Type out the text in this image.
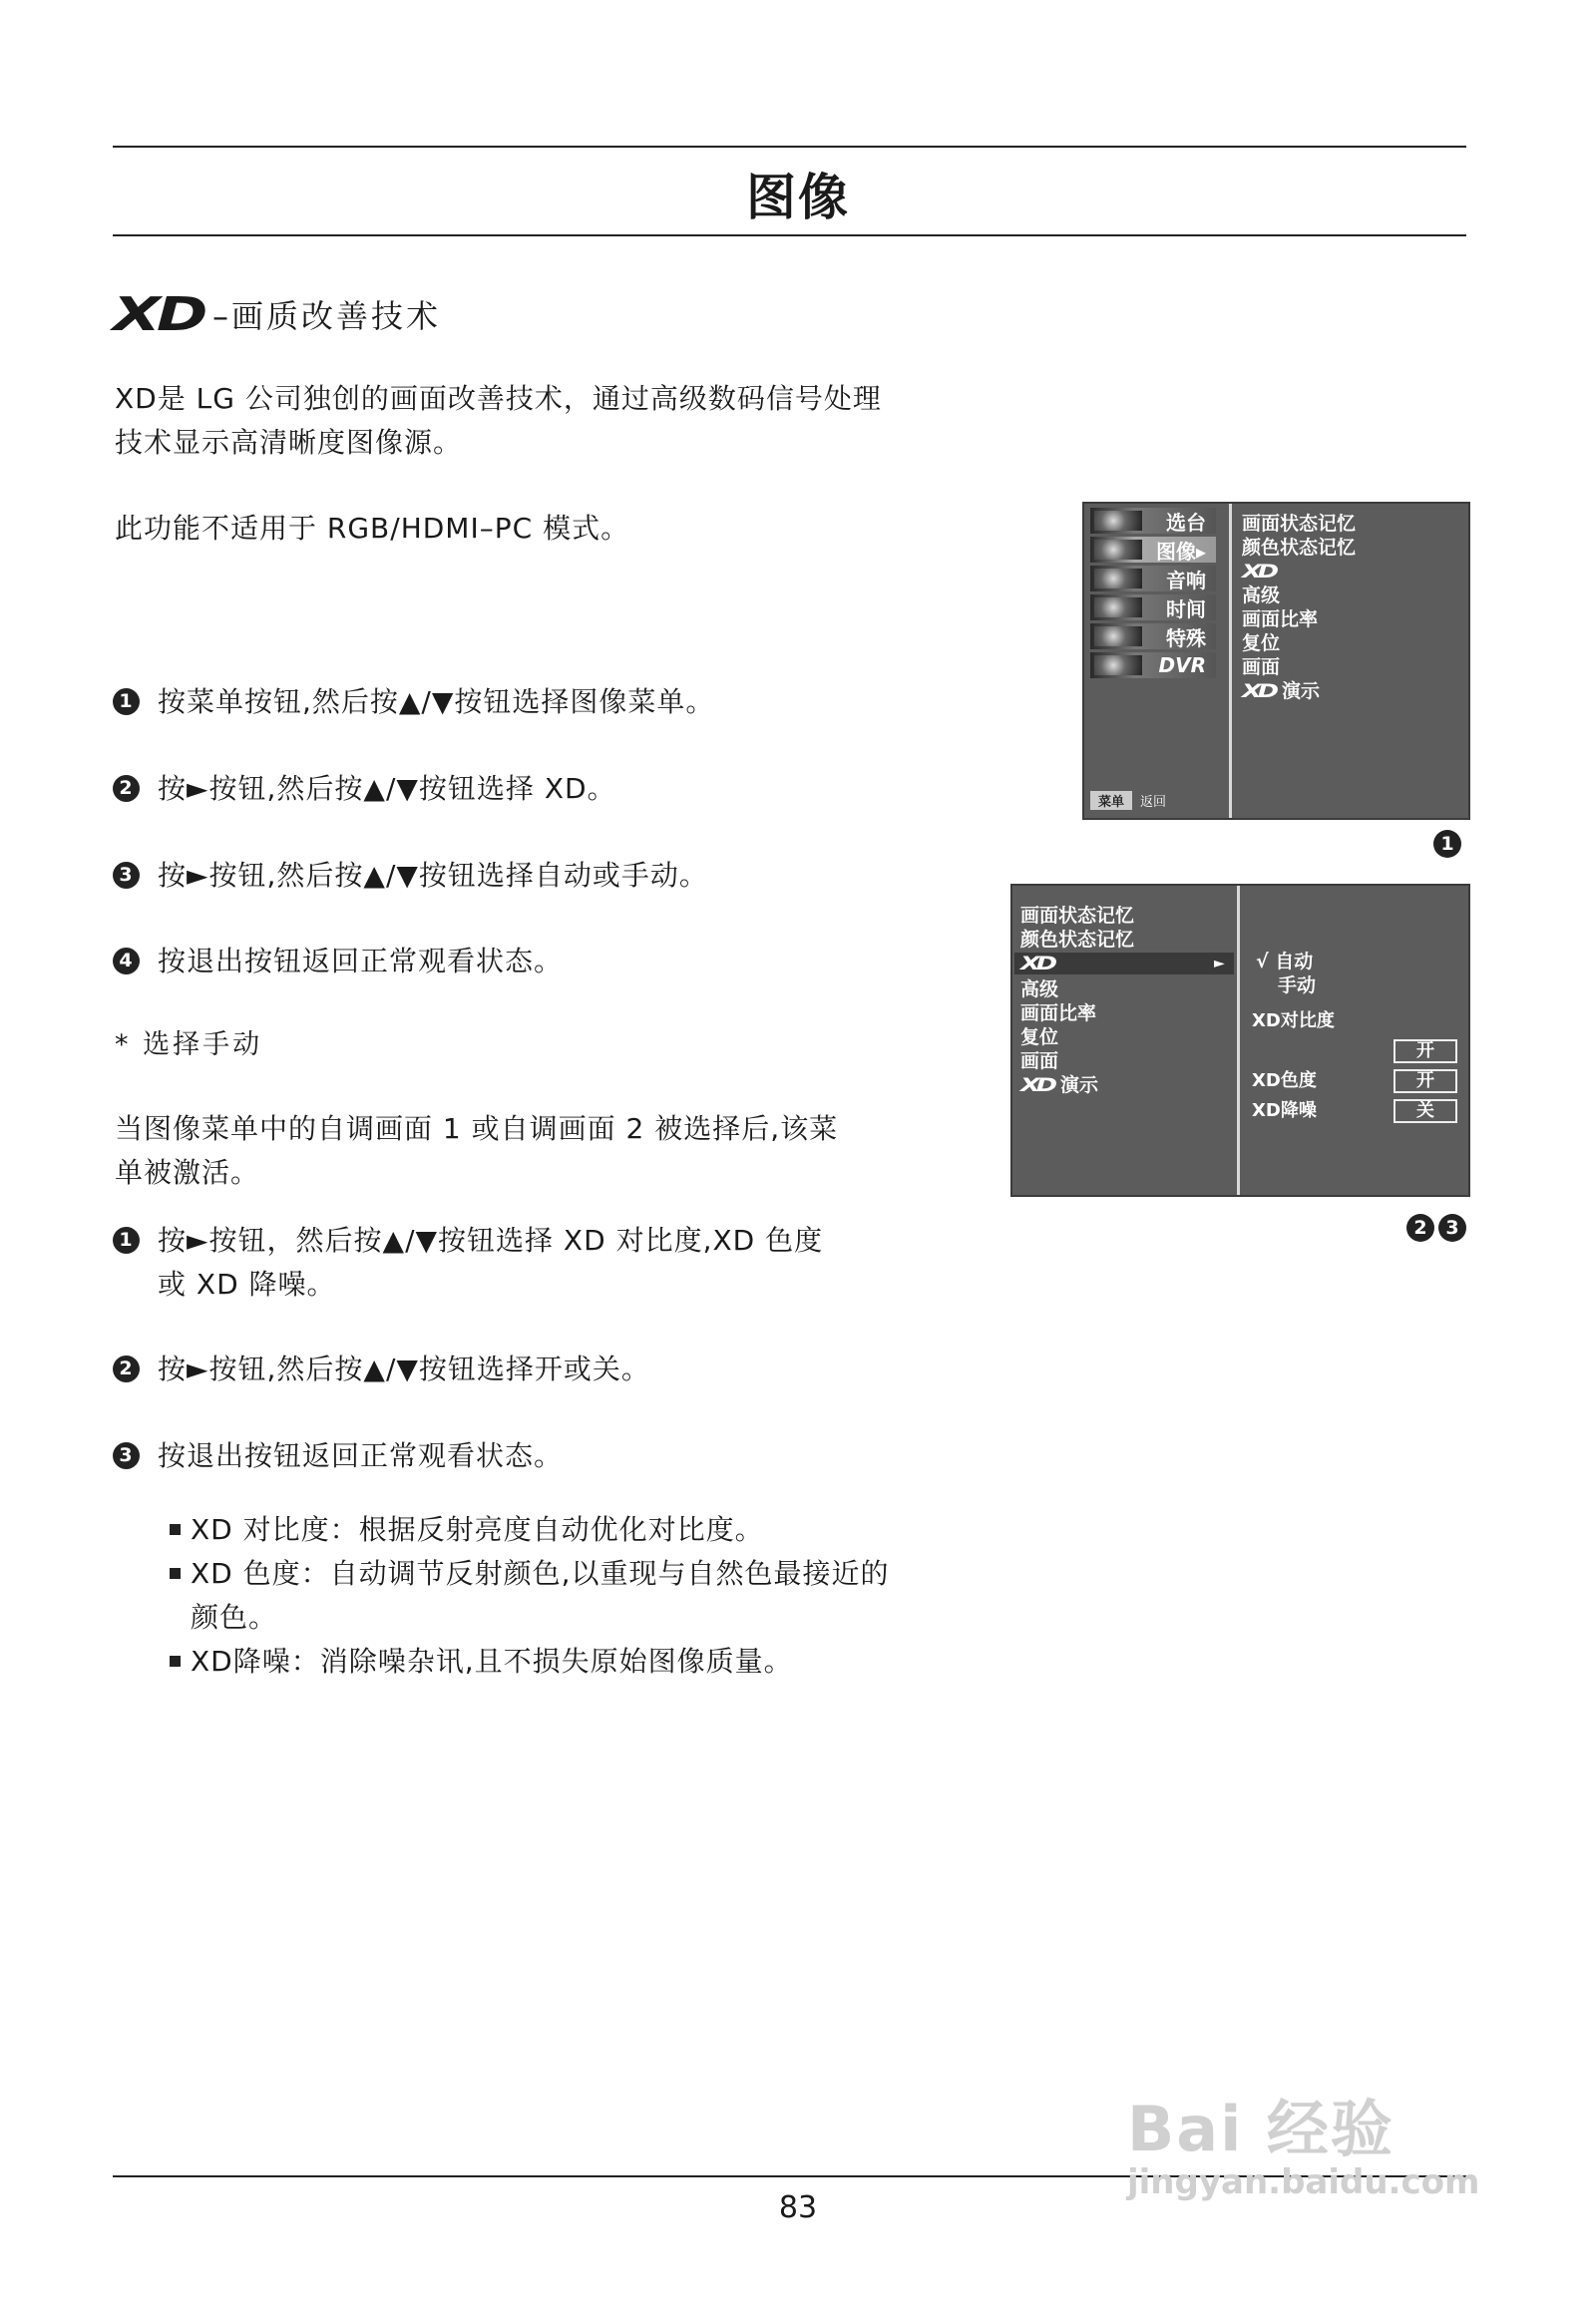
图像
XD –画质改善技术
XD是 LG 公司独创的画面改善技术，通过高级数码信号处理
技术显示高清晰度图像源。
此功能不适用于 RGB/HDMI–PC 模式。
1 按菜单按钮,然后按▲/▼按钮选择图像菜单。
2 按►按钮,然后按▲/▼按钮选择 XD。
3 按►按钮,然后按▲/▼按钮选择自动或手动。
4 按退出按钮返回正常观看状态。
* 选择手动
当图像菜单中的自调画面 1 或自调画面 2 被选择后,该菜
单被激活。
1 按►按钮，然后按▲/▼按钮选择 XD 对比度,XD 色度
或 XD 降噪。
2 按►按钮,然后按▲/▼按钮选择开或关。
3 按退出按钮返回正常观看状态。
XD 对比度：根据反射亮度自动优化对比度。
XD 色度：自动调节反射颜色,以重现与自然色最接近的
颜色。
XD降噪：消除噪杂讯,且不损失原始图像质量。
选台
图像▸
音响
时间
特殊
DVR
菜单	返回
画面状态记忆
颜色状态记忆
XD
高级
画面比率
复位
画面
XD 演示
1
画面状态记忆
颜色状态记忆
XD	►
高级
画面比率
复位
画面
XD 演示
√ 自动
手动
XD对比度
开
XD色度	开
XD降噪	关
2 3
83
Bai 经验
jingyan.baidu.com
